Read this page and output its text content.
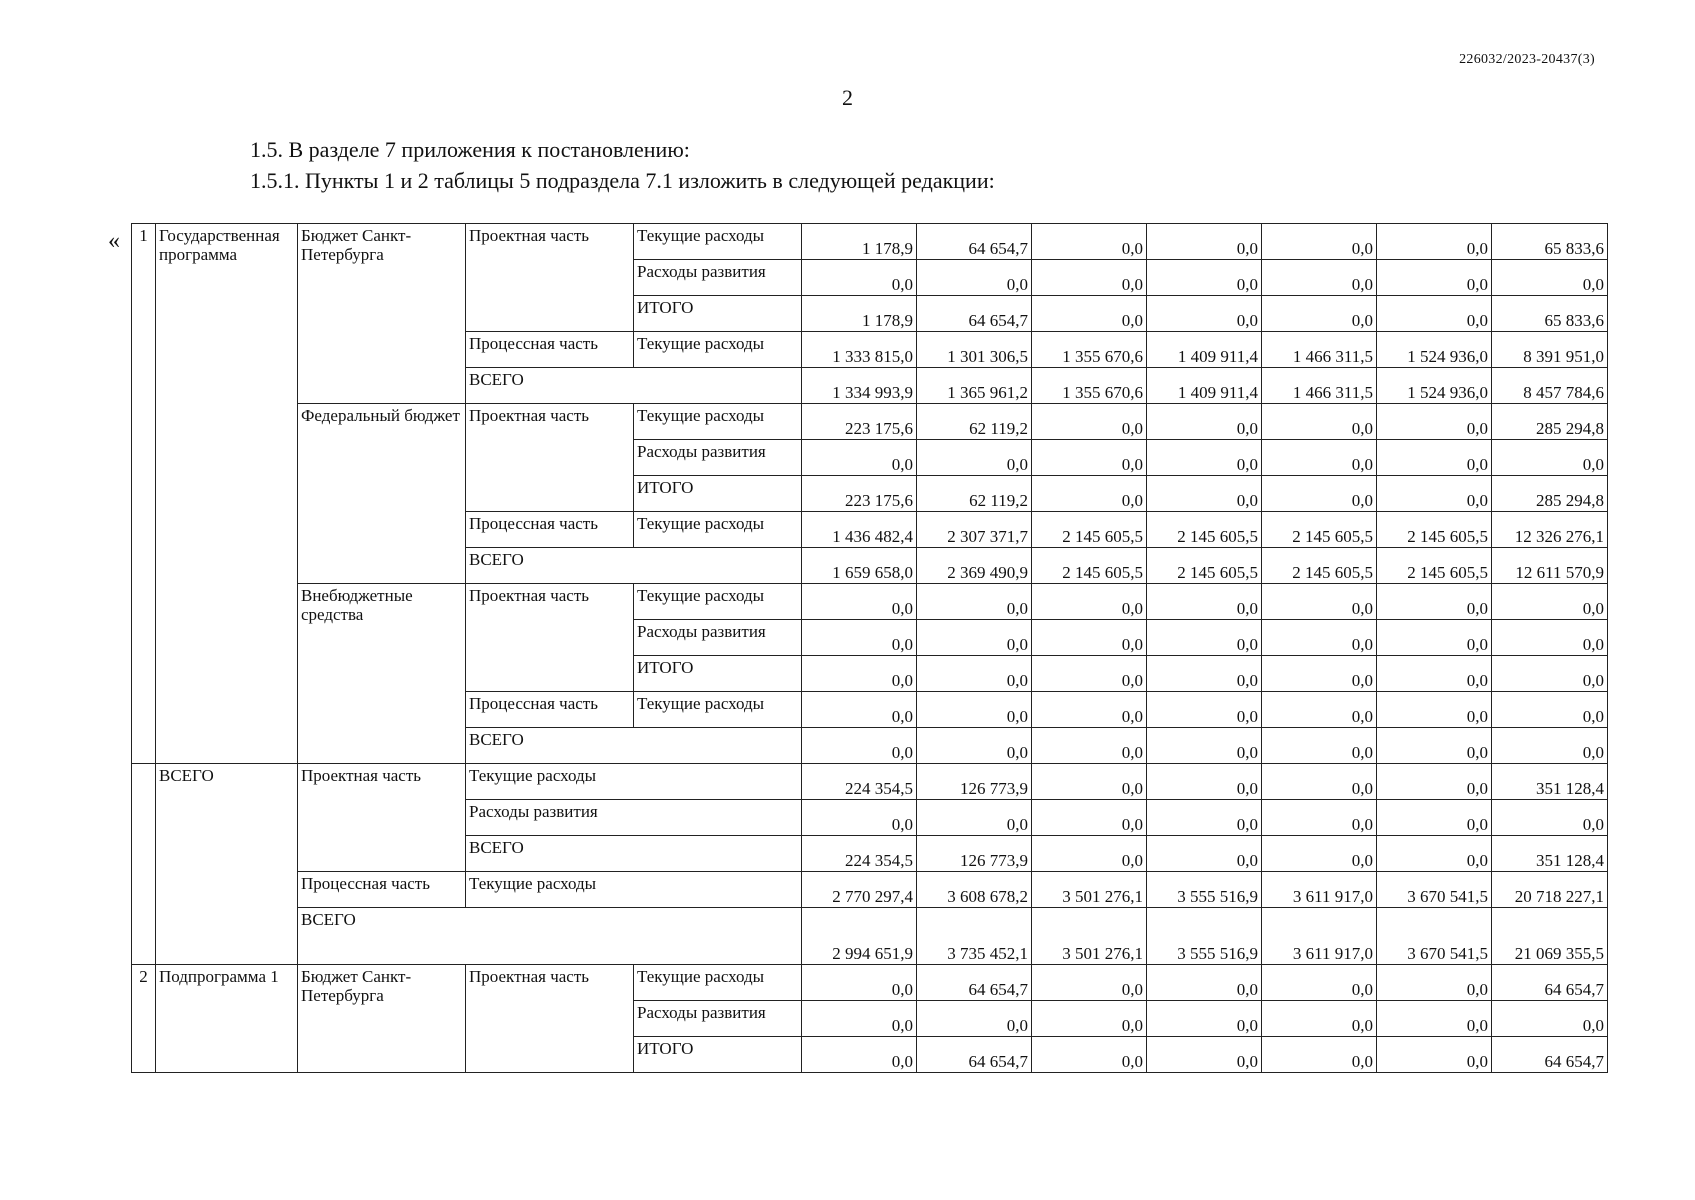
226032/2023-20437(3)
2
1.5. В разделе 7 приложения к постановлению:
1.5.1. Пункты 1 и 2 таблицы 5 подраздела 7.1 изложить в следующей редакции:
« 1	Государственная программа	Бюджет Санкт-Петербурга	Проектная часть	Текущие расходы	1 178,9	64 654,7	0,0	0,0	0,0	0,0	65 833,6
				Расходы развития	0,0	0,0	0,0	0,0	0,0	0,0	0,0
				ИТОГО	1 178,9	64 654,7	0,0	0,0	0,0	0,0	65 833,6
			Процессная часть	Текущие расходы	1 333 815,0	1 301 306,5	1 355 670,6	1 409 911,4	1 466 311,5	1 524 936,0	8 391 951,0
			ВСЕГО		1 334 993,9	1 365 961,2	1 355 670,6	1 409 911,4	1 466 311,5	1 524 936,0	8 457 784,6
		Федеральный бюджет	Проектная часть	Текущие расходы	223 175,6	62 119,2	0,0	0,0	0,0	0,0	285 294,8
				Расходы развития	0,0	0,0	0,0	0,0	0,0	0,0	0,0
				ИТОГО	223 175,6	62 119,2	0,0	0,0	0,0	0,0	285 294,8
			Процессная часть	Текущие расходы	1 436 482,4	2 307 371,7	2 145 605,5	2 145 605,5	2 145 605,5	2 145 605,5	12 326 276,1
			ВСЕГО		1 659 658,0	2 369 490,9	2 145 605,5	2 145 605,5	2 145 605,5	2 145 605,5	12 611 570,9
		Внебюджетные средства	Проектная часть	Текущие расходы	0,0	0,0	0,0	0,0	0,0	0,0	0,0
				Расходы развития	0,0	0,0	0,0	0,0	0,0	0,0	0,0
				ИТОГО	0,0	0,0	0,0	0,0	0,0	0,0	0,0
			Процессная часть	Текущие расходы	0,0	0,0	0,0	0,0	0,0	0,0	0,0
			ВСЕГО		0,0	0,0	0,0	0,0	0,0	0,0	0,0
	ВСЕГО	Проектная часть	Текущие расходы		224 354,5	126 773,9	0,0	0,0	0,0	0,0	351 128,4
			Расходы развития		0,0	0,0	0,0	0,0	0,0	0,0	0,0
			ВСЕГО		224 354,5	126 773,9	0,0	0,0	0,0	0,0	351 128,4
		Процессная часть	Текущие расходы		2 770 297,4	3 608 678,2	3 501 276,1	3 555 516,9	3 611 917,0	3 670 541,5	20 718 227,1
		ВСЕГО			2 994 651,9	3 735 452,1	3 501 276,1	3 555 516,9	3 611 917,0	3 670 541,5	21 069 355,5
2	Подпрограмма 1	Бюджет Санкт-Петербурга	Проектная часть	Текущие расходы	0,0	64 654,7	0,0	0,0	0,0	0,0	64 654,7
				Расходы развития	0,0	0,0	0,0	0,0	0,0	0,0	0,0
				ИТОГО	0,0	64 654,7	0,0	0,0	0,0	0,0	64 654,7
